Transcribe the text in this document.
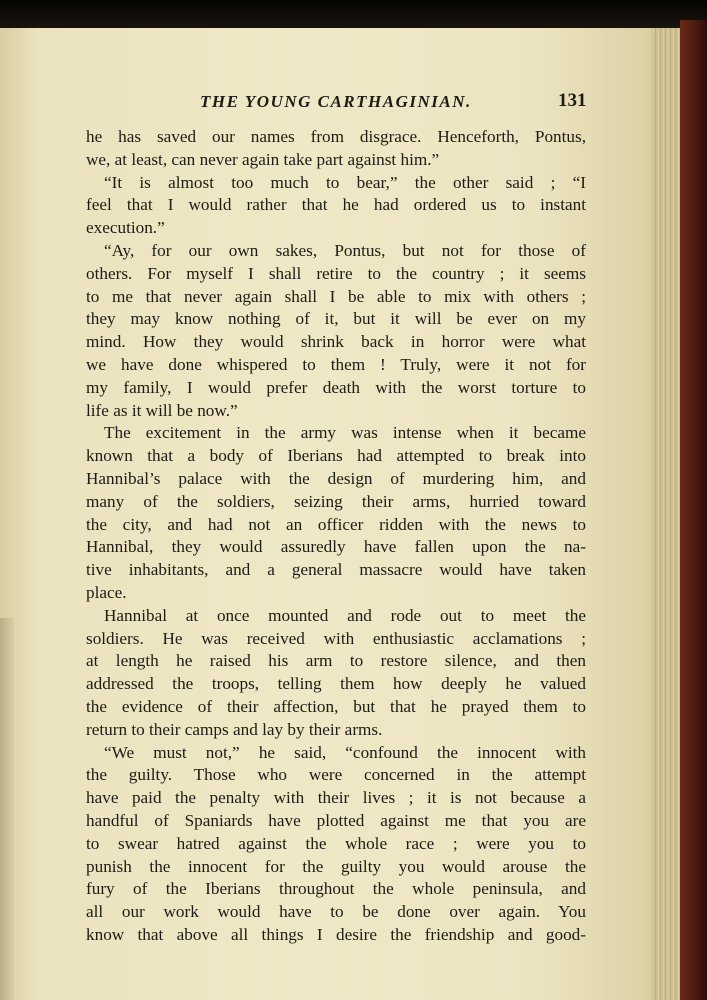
THE YOUNG CARTHAGINIAN.	131
he has saved our names from disgrace. Henceforth, Pontus,
we, at least, can never again take part against him.”
“It is almost too much to bear,” the other said ; “I
feel that I would rather that he had ordered us to instant
execution.”
“Ay, for our own sakes, Pontus, but not for those of
others. For myself I shall retire to the country ; it seems
to me that never again shall I be able to mix with others ;
they may know nothing of it, but it will be ever on my
mind. How they would shrink back in horror were what
we have done whispered to them ! Truly, were it not for
my family, I would prefer death with the worst torture to
life as it will be now.”
The excitement in the army was intense when it became
known that a body of Iberians had attempted to break into
Hannibal’s palace with the design of murdering him, and
many of the soldiers, seizing their arms, hurried toward
the city, and had not an officer ridden with the news to
Hannibal, they would assuredly have fallen upon the na-
tive inhabitants, and a general massacre would have taken
place.
Hannibal at once mounted and rode out to meet the
soldiers. He was received with enthusiastic acclamations ;
at length he raised his arm to restore silence, and then
addressed the troops, telling them how deeply he valued
the evidence of their affection, but that he prayed them to
return to their camps and lay by their arms.
“We must not,” he said, “confound the innocent with
the guilty. Those who were concerned in the attempt
have paid the penalty with their lives ; it is not because a
handful of Spaniards have plotted against me that you are
to swear hatred against the whole race ; were you to
punish the innocent for the guilty you would arouse the
fury of the Iberians throughout the whole peninsula, and
all our work would have to be done over again. You
know that above all things I desire the friendship and good-
